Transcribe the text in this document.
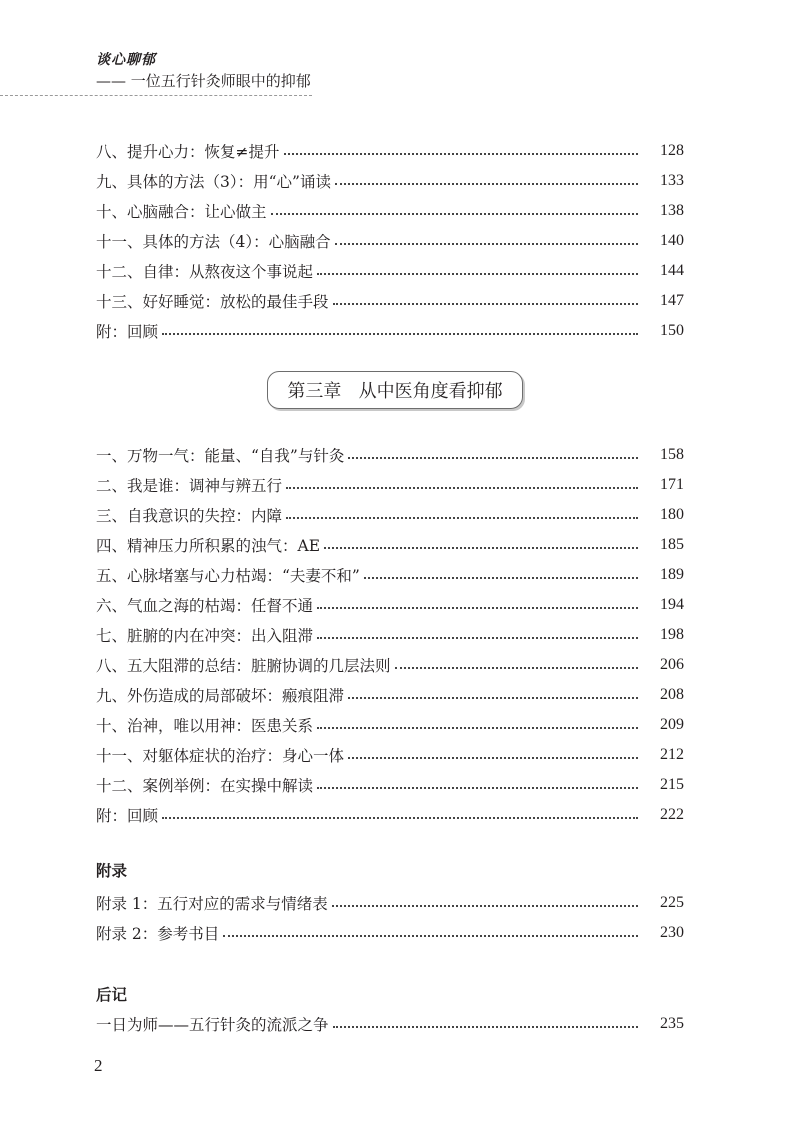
谈心聊郁
—— 一位五行针灸师眼中的抑郁
八、提升心力：恢复≠提升	128
九、具体的方法（3）：用“心”诵读	133
十、心脑融合：让心做主	138
十一、具体的方法（4）：心脑融合	140
十二、自律：从熬夜这个事说起	144
十三、好好睡觉：放松的最佳手段	147
附：回顾	150
第三章   从中医角度看抑郁
一、万物一气：能量、“自我”与针灸	158
二、我是谁：调神与辨五行	171
三、自我意识的失控：内障	180
四、精神压力所积累的浊气：AE	185
五、心脉堵塞与心力枯竭：“夫妻不和”	189
六、气血之海的枯竭：任督不通	194
七、脏腑的内在冲突：出入阻滞	198
八、五大阻滞的总结：脏腑协调的几层法则	206
九、外伤造成的局部破坏：瘢痕阻滞	208
十、治神，唯以用神：医患关系	209
十一、对躯体症状的治疗：身心一体	212
十二、案例举例：在实操中解读	215
附：回顾	222
附录
附录 1：五行对应的需求与情绪表	225
附录 2：参考书目	230
后记
一日为师——五行针灸的流派之争	235
2
